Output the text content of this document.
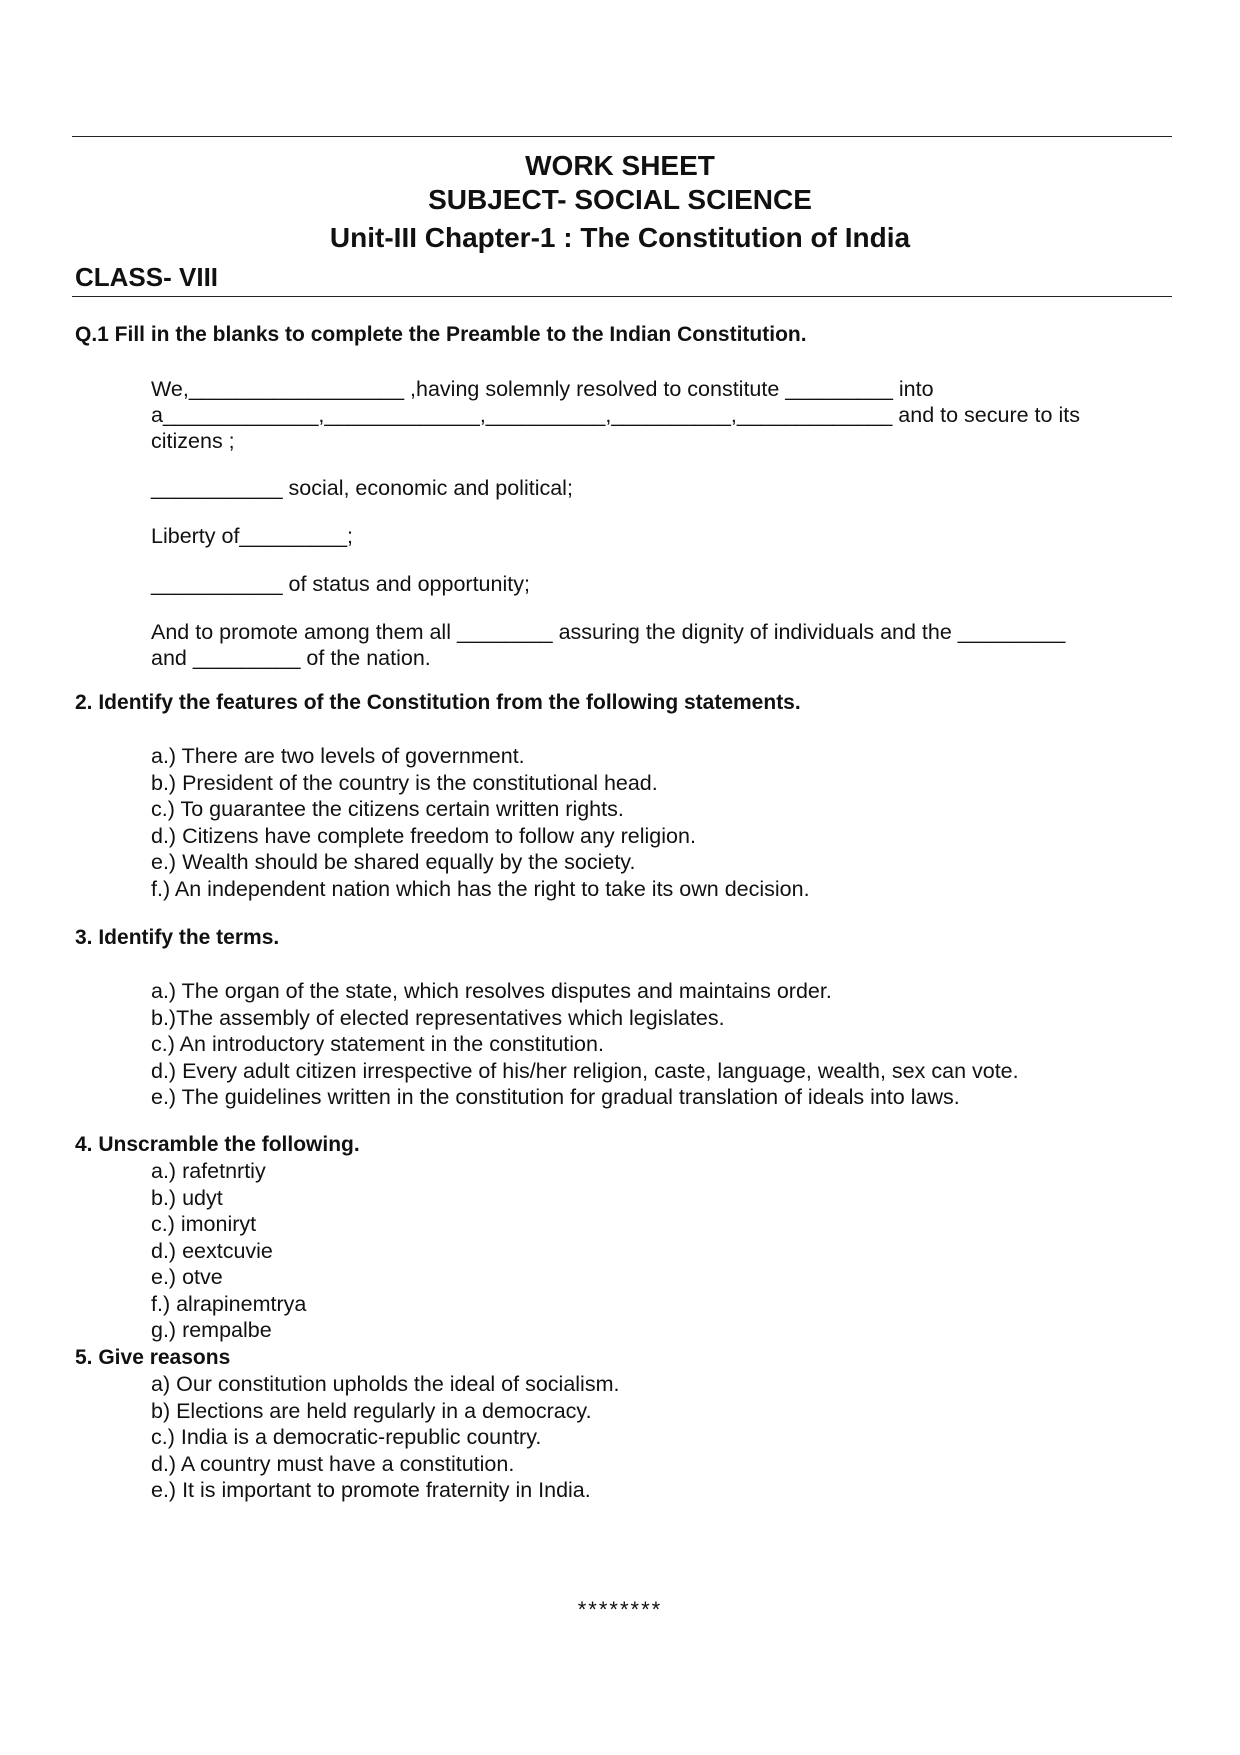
WORK SHEET
SUBJECT- SOCIAL SCIENCE
Unit-III Chapter-1 : The Constitution of India
CLASS- VIII

Q.1 Fill in the blanks to complete the Preamble to the Indian Constitution.

We,__________________ ,having solemnly resolved to constitute _________ into

a_____________,_____________,__________,__________,_____________ and to secure to its

citizens ;

___________ social, economic and political;

Liberty of_________;

___________ of status and opportunity;

And to promote among them all ________ assuring the dignity of individuals and the _________

and _________ of the nation.

2. Identify the features of the Constitution from the following statements.

a.) There are two levels of government.
b.) President of the country is the constitutional head.
c.) To guarantee the citizens certain written rights.
d.) Citizens have complete freedom to follow any religion.
e.) Wealth should be shared equally by the society.
f.) An independent nation which has the right to take its own decision.

3. Identify the terms.

a.) The organ of the state, which resolves disputes and maintains order.
b.)The assembly of elected representatives which legislates.
c.) An introductory statement in the constitution.
d.) Every adult citizen irrespective of his/her religion, caste, language, wealth, sex can vote.
e.) The guidelines written in the constitution for gradual translation of ideals into laws.

4. Unscramble the following.

a.) rafetnrtiy
b.) udyt
c.) imoniryt
d.) eextcuvie
e.) otve
f.) alrapinemtrya
g.) rempalbe

5. Give reasons

a) Our constitution upholds the ideal of socialism.
b) Elections are held regularly in a democracy.
c.) India is a democratic-republic country.
d.) A country must have a constitution.
e.) It is important to promote fraternity in India.
********
